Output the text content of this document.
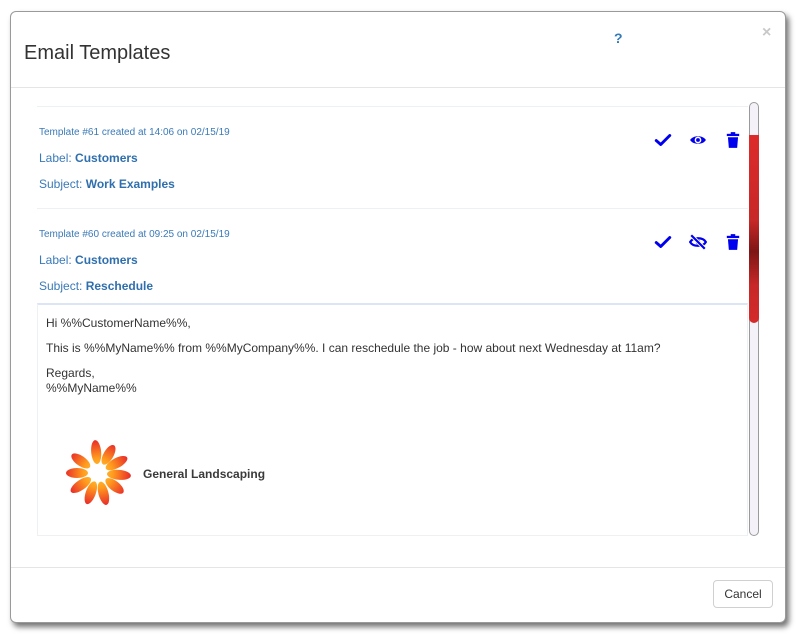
Email Templates
?	×
Template #61 created at 14:06 on 02/15/19
Label: Customers
Subject: Work Examples
Template #60 created at 09:25 on 02/15/19
Label: Customers
Subject: Reschedule

Hi %%CustomerName%%,

This is %%MyName%% from %%MyCompany%%. I can reschedule the job - how about next Wednesday at 11am?

Regards,
%%MyName%%

General Landscaping
Cancel
